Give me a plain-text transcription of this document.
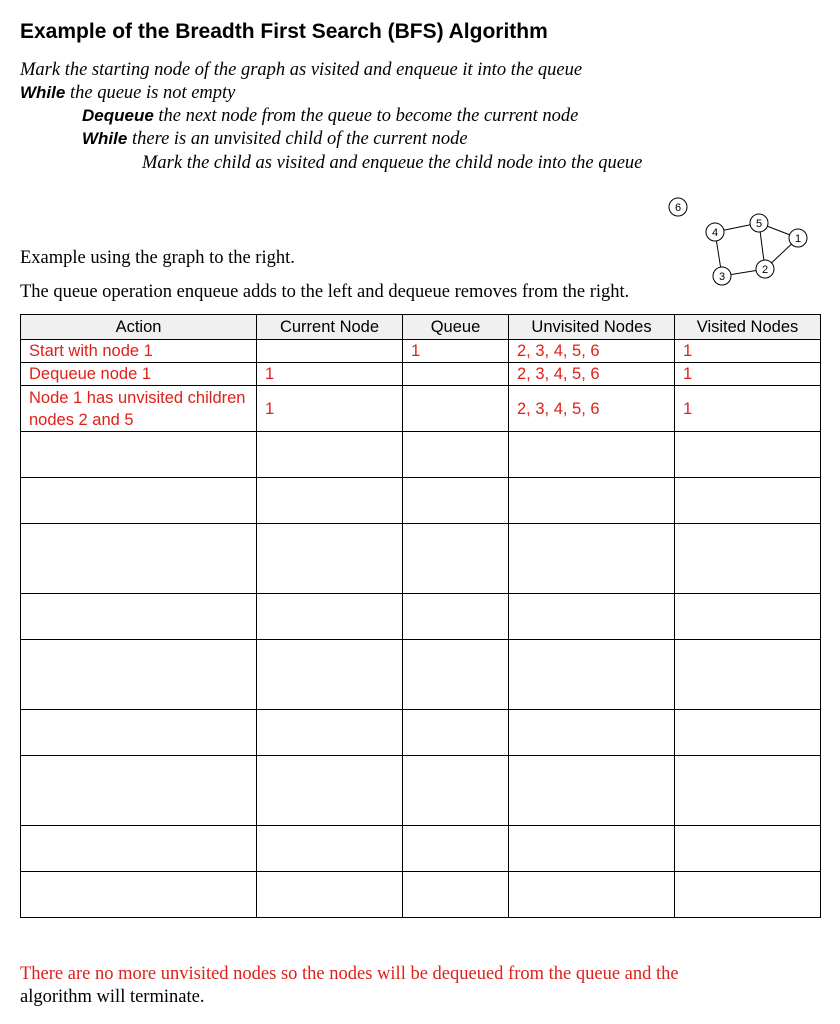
Example of the Breadth First Search (BFS) Algorithm
Mark the starting node of the graph as visited and enqueue it into the queue
While the queue is not empty
Dequeue the next node from the queue to become the current node
While there is an unvisited child of the current node
Mark the child as visited and enqueue the child node into the queue
6
4
5
1
3
2
Example using the graph to the right.
The queue operation enqueue adds to the left and dequeue removes from the right.
Action	Current Node	Queue	Unvisited Nodes	Visited Nodes
Start with node 1		1	2, 3, 4, 5, 6	1
Dequeue node 1	1		2, 3, 4, 5, 6	1
Node 1 has unvisited children nodes 2 and 5	1		2, 3, 4, 5, 6	1

There are no more unvisited nodes so the nodes will be dequeued from the queue and the
algorithm will terminate.
